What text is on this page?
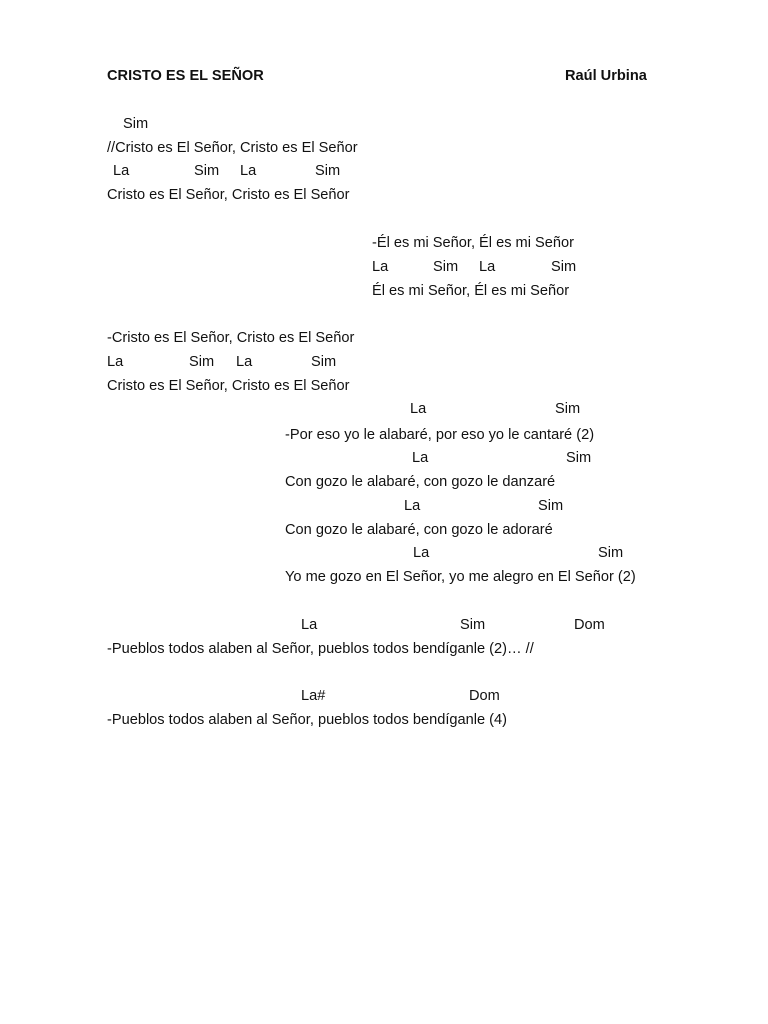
CRISTO ES EL SEÑOR	Raúl Urbina
Sim
//Cristo es El Señor, Cristo es El Señor
La	Sim La	Sim
Cristo es El Señor, Cristo es El Señor
-Él es mi Señor, Él es mi Señor
La	Sim La	Sim
Él es mi Señor, Él es mi Señor
-Cristo es El Señor, Cristo es El Señor
La	Sim La	Sim
Cristo es El Señor, Cristo es El Señor
La	Sim
-Por eso yo le alabaré, por eso yo le cantaré (2)
La	Sim
Con gozo le alabaré, con gozo le danzaré
La	Sim
Con gozo le alabaré, con gozo le adoraré
La	Sim
Yo me gozo en El Señor, yo me alegro en El Señor (2)
La	Sim	Dom
-Pueblos todos alaben al Señor, pueblos todos bendíganle (2)… //
La#	Dom
-Pueblos todos alaben al Señor, pueblos todos bendíganle (4)
